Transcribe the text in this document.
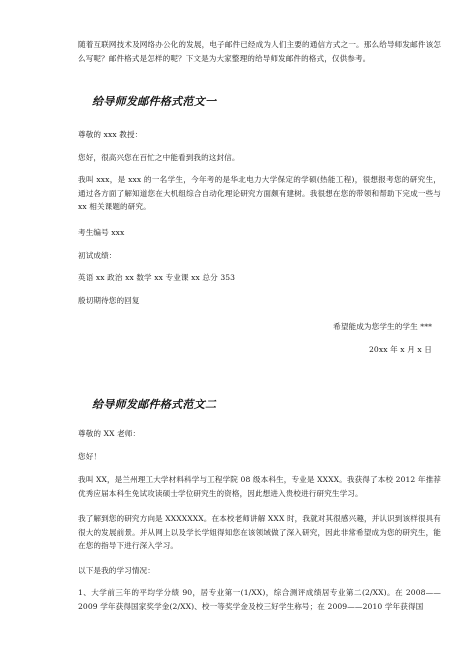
随着互联网技术及网络办公化的发展，电子邮件已经成为人们主要的通信方式之一。那么给导师发邮件该怎么写呢？邮件格式是怎样的呢？下文是为大家整理的给导师发邮件的格式，仅供参考。
给导师发邮件格式范文一
尊敬的 xxx 教授：
您好，很高兴您在百忙之中能看到我的这封信。
我叫 xxx，是 xxx 的一名学生，今年考的是华北电力大学保定的学硕(热能工程)，很想报考您的研究生，通过各方面了解知道您在大机组综合自动化理论研究方面颇有建树。我很想在您的带领和帮助下完成一些与 xx 相关课题的研究。
考生编号 xxx
初试成绩：
英语 xx 政治 xx 数学 xx 专业课 xx 总分 353
殷切期待您的回复
希望能成为您学生的学生 ***
20xx 年 x 月 x 日
给导师发邮件格式范文二
尊敬的 XX 老师：
您好！
我叫 XX，是兰州理工大学材料科学与工程学院 08 级本科生，专业是 XXXX。我获得了本校 2012 年推荐优秀应届本科生免试攻读硕士学位研究生的资格，因此想进入贵校进行研究生学习。
我了解到您的研究方向是 XXXXXXX。在本校老师讲解 XXX 时，我就对其很感兴趣，并认识到该样很具有很大的发展前景。并从网上以及学长学姐得知您在该领域做了深入研究，因此非常希望成为您的研究生，能在您的指导下进行深入学习。
以下是我的学习情况：
1、大学前三年的平均学分绩 90，居专业第一(1/XX)，综合测评成绩居专业第二(2/XX)。在 2008——2009 学年获得国家奖学金(2/XX)、校一等奖学金及校三好学生称号；在 2009——2010 学年获得国
